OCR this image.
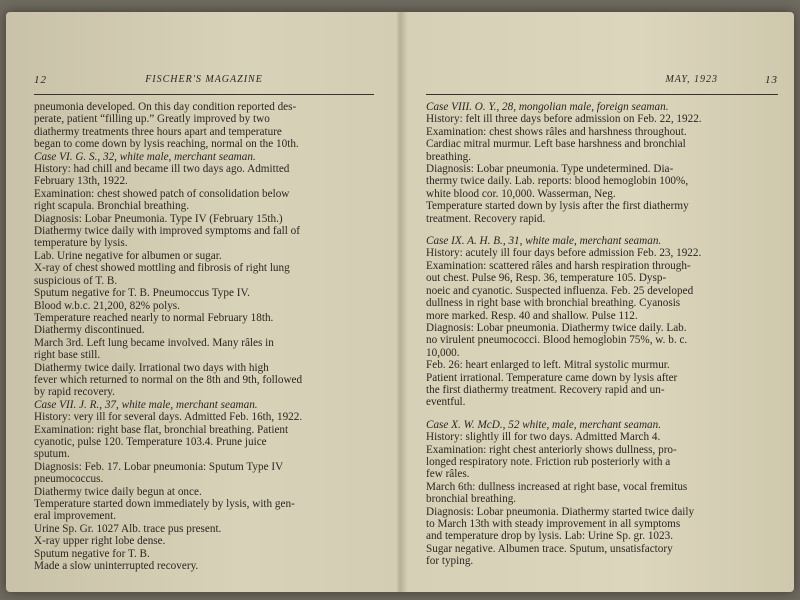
12	FISCHER'S MAGAZINE

pneumonia developed. On this day condition reported des-

perate, patient “filling up.” Greatly improved by two

diathermy treatments three hours apart and temperature

began to come down by lysis reaching, normal on the 10th.

Case VI. G. S., 32, white male, merchant seaman.

History: had chill and became ill two days ago. Admitted

February 13th, 1922.

Examination: chest showed patch of consolidation below

right scapula. Bronchial breathing.

Diagnosis: Lobar Pneumonia. Type IV (February 15th.)

Diathermy twice daily with improved symptoms and fall of

temperature by lysis.

Lab. Urine negative for albumen or sugar.

X-ray of chest showed mottling and fibrosis of right lung

suspicious of T. B.

Sputum negative for T. B. Pneumoccus Type IV.

Blood w.b.c. 21,200, 82% polys.

Temperature reached nearly to normal February 18th.

Diathermy discontinued.

March 3rd. Left lung became involved. Many râles in

right base still.

Diathermy twice daily. Irrational two days with high

fever which returned to normal on the 8th and 9th, followed

by rapid recovery.

Case VII. J. R., 37, white male, merchant seaman.

History: very ill for several days. Admitted Feb. 16th, 1922.

Examination: right base flat, bronchial breathing. Patient

cyanotic, pulse 120. Temperature 103.4. Prune juice

sputum.

Diagnosis: Feb. 17. Lobar pneumonia: Sputum Type IV

pneumococcus.

Diathermy twice daily begun at once.

Temperature started down immediately by lysis, with gen-

eral improvement.

Urine Sp. Gr. 1027 Alb. trace pus present.

X-ray upper right lobe dense.

Sputum negative for T. B.

Made a slow uninterrupted recovery.

MAY, 1923	13

Case VIII. O. Y., 28, mongolian male, foreign seaman.

History: felt ill three days before admission on Feb. 22, 1922.

Examination: chest shows râles and harshness throughout.

Cardiac mitral murmur. Left base harshness and bronchial

breathing.

Diagnosis: Lobar pneumonia. Type undetermined. Dia-

thermy twice daily. Lab. reports: blood hemoglobin 100%,

white blood cor. 10,000. Wasserman, Neg.

Temperature started down by lysis after the first diathermy

treatment. Recovery rapid.

Case IX. A. H. B., 31, white male, merchant seaman.

History: acutely ill four days before admission Feb. 23, 1922.

Examination: scattered râles and harsh respiration through-

out chest. Pulse 96, Resp. 36, temperature 105. Dysp-

noeic and cyanotic. Suspected influenza. Feb. 25 developed

dullness in right base with bronchial breathing. Cyanosis

more marked. Resp. 40 and shallow. Pulse 112.

Diagnosis: Lobar pneumonia. Diathermy twice daily. Lab.

no virulent pneumococci. Blood hemoglobin 75%, w. b. c.

10,000.

Feb. 26: heart enlarged to left. Mitral systolic murmur.

Patient irrational. Temperature came down by lysis after

the first diathermy treatment. Recovery rapid and un-

eventful.

Case X. W. McD., 52 white, male, merchant seaman.

History: slightly ill for two days. Admitted March 4.

Examination: right chest anteriorly shows dullness, pro-

longed respiratory note. Friction rub posteriorly with a

few râles.

March 6th: dullness increased at right base, vocal fremitus

bronchial breathing.

Diagnosis: Lobar pneumonia. Diathermy started twice daily

to March 13th with steady improvement in all symptoms

and temperature drop by lysis. Lab: Urine Sp. gr. 1023.

Sugar negative. Albumen trace. Sputum, unsatisfactory

for typing.
